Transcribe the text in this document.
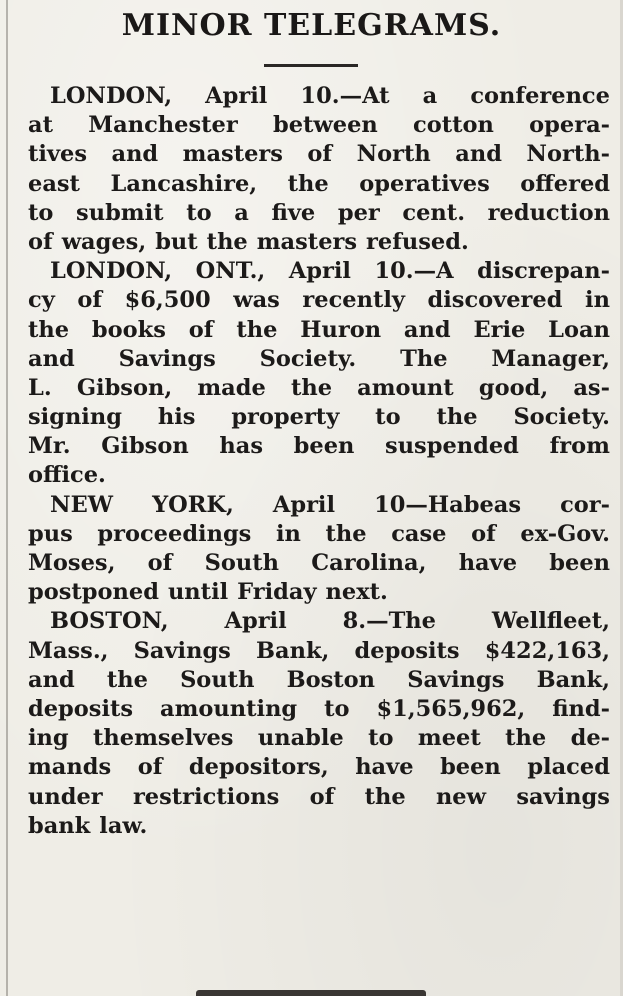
MINOR TELEGRAMS.
LONDON, April 10.—At a conference
at Manchester between cotton opera-
tives and masters of North and North-
east Lancashire, the operatives offered
to submit to a five per cent. reduction
of wages, but the masters refused.
LONDON, ONT., April 10.—A discrepan-
cy of $6,500 was recently discovered in
the books of the Huron and Erie Loan
and Savings Society. The Manager,
L. Gibson, made the amount good, as-
signing his property to the Society.
Mr. Gibson has been suspended from
office.
NEW YORK, April 10—Habeas cor-
pus proceedings in the case of ex-Gov.
Moses, of South Carolina, have been
postponed until Friday next.
BOSTON, April 8.—The Wellfleet,
Mass., Savings Bank, deposits $422,163,
and the South Boston Savings Bank,
deposits amounting to $1,565,962, find-
ing themselves unable to meet the de-
mands of depositors, have been placed
under restrictions of the new savings
bank law.
